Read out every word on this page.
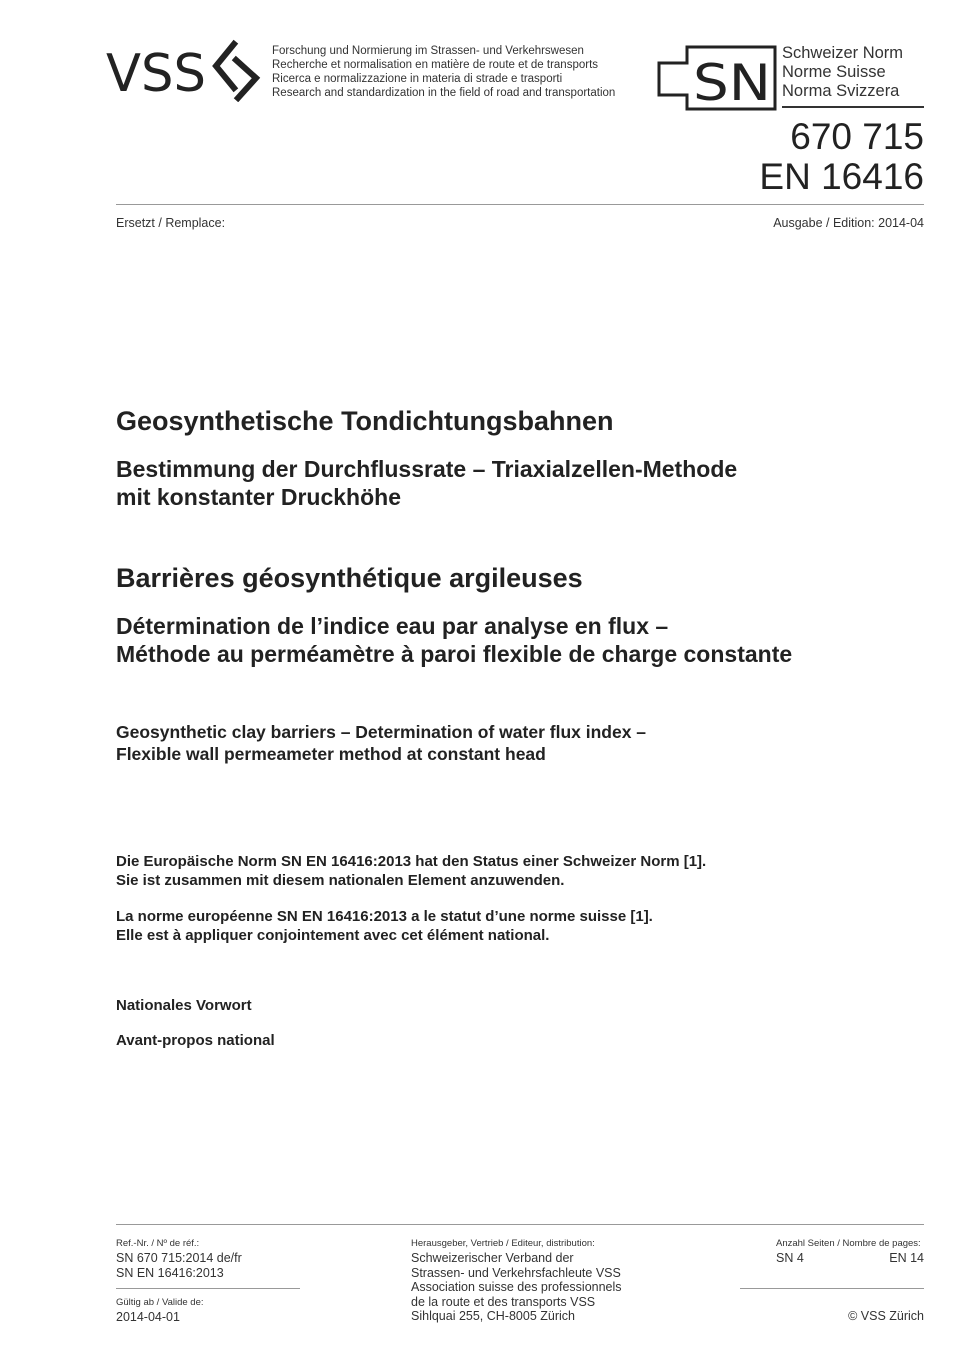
VSS	Forschung und Normierung im Strassen- und Verkehrswesen
Recherche et normalisation en matière de route et de transports
Ricerca e normalizzazione in materia di strade e trasporti
Research and standardization in the field of road and transportation SN
Schweizer Norm
Norme Suisse
Norma Svizzera
670 715
EN 16416
Ersetzt / Remplace:	Ausgabe / Edition: 2014-04
Geosynthetische Tondichtungsbahnen
Bestimmung der Durchflussrate – Triaxialzellen-Methode
mit konstanter Druckhöhe
Barrières géosynthétique argileuses
Détermination de l’indice eau par analyse en flux –
Méthode au perméamètre à paroi flexible de charge constante
Geosynthetic clay barriers – Determination of water flux index –
Flexible wall permeameter method at constant head
Die Europäische Norm SN EN 16416:2013 hat den Status einer Schweizer Norm [1].
Sie ist zusammen mit diesem nationalen Element anzuwenden.
La norme européenne SN EN 16416:2013 a le statut d’une norme suisse [1].
Elle est à appliquer conjointement avec cet élément national.
Nationales Vorwort
Avant-propos national
Ref.-Nr. / Nº de réf.:
SN 670 715:2014 de/fr
SN EN 16416:2013
Gültig ab / Valide de:
2014-04-01
Herausgeber, Vertrieb / Editeur, distribution:
Schweizerischer Verband der
Strassen- und Verkehrsfachleute VSS
Association suisse des professionnels
de la route et des transports VSS
Sihlquai 255, CH-8005 Zürich
Anzahl Seiten / Nombre de pages:
SN 4	EN 14
© VSS Zürich
